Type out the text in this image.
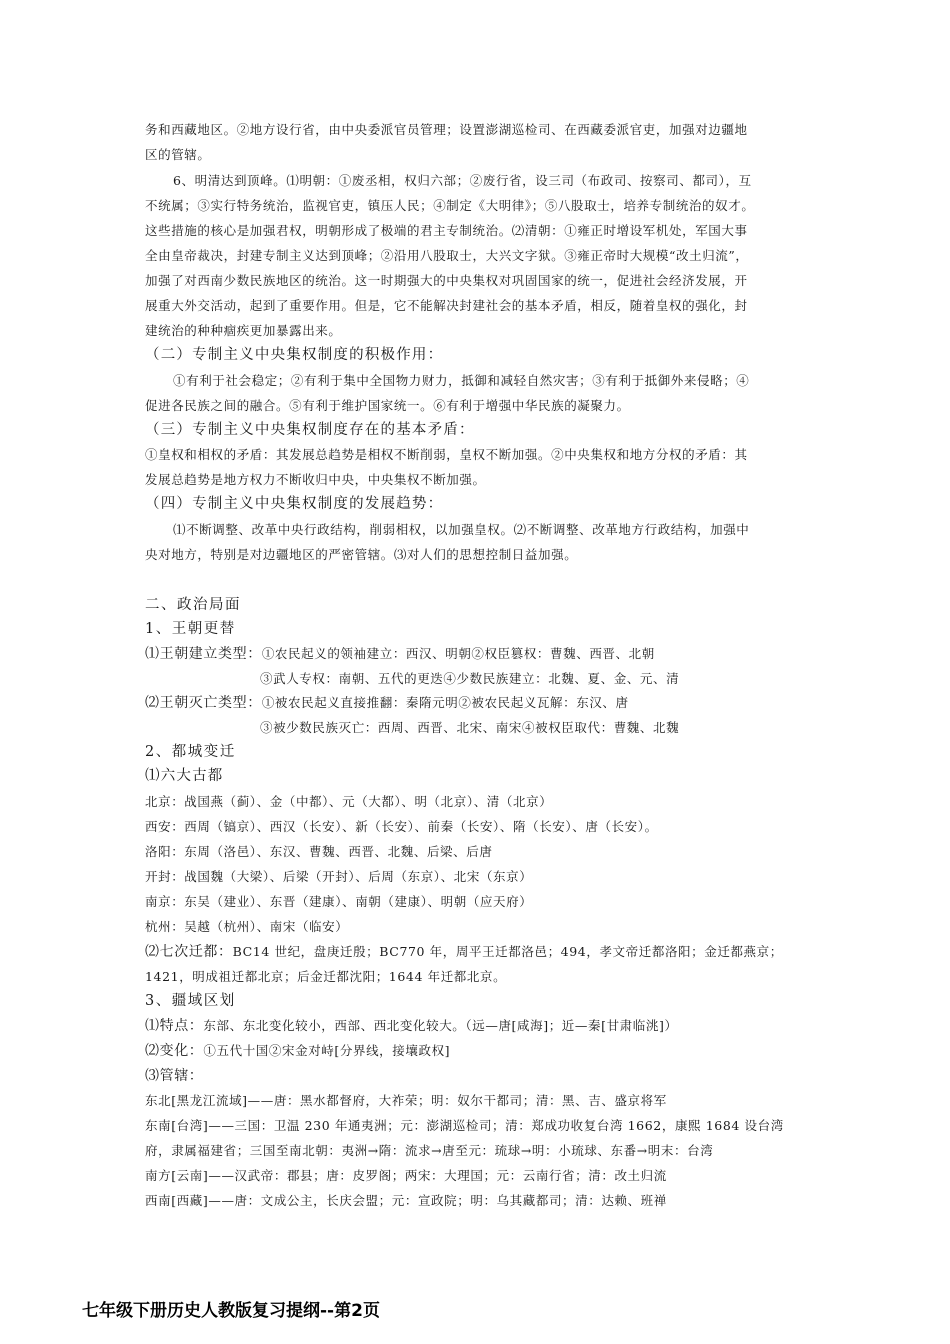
务和西藏地区。②地方设行省，由中央委派官员管理；设置澎湖巡检司、在西藏委派官吏，加强对边疆地
区的管辖。
6、明清达到顶峰。⑴明朝：①废丞相，权归六部；②废行省，设三司（布政司、按察司、都司），互
不统属；③实行特务统治，监视官吏，镇压人民；④制定《大明律》；⑤八股取士，培养专制统治的奴才。
这些措施的核心是加强君权，明朝形成了极端的君主专制统治。⑵清朝：①雍正时增设军机处，军国大事
全由皇帝裁决，封建专制主义达到顶峰；②沿用八股取士，大兴文字狱。③雍正帝时大规模“改土归流”，
加强了对西南少数民族地区的统治。这一时期强大的中央集权对巩固国家的统一，促进社会经济发展，开
展重大外交活动，起到了重要作用。但是，它不能解决封建社会的基本矛盾，相反，随着皇权的强化，封
建统治的种种痼疾更加暴露出来。
（二）专制主义中央集权制度的积极作用：
①有利于社会稳定；②有利于集中全国物力财力，抵御和减轻自然灾害；③有利于抵御外来侵略；④
促进各民族之间的融合。⑤有利于维护国家统一。⑥有利于增强中华民族的凝聚力。
（三）专制主义中央集权制度存在的基本矛盾：
①皇权和相权的矛盾：其发展总趋势是相权不断削弱，皇权不断加强。②中央集权和地方分权的矛盾：其
发展总趋势是地方权力不断收归中央，中央集权不断加强。
（四）专制主义中央集权制度的发展趋势：
⑴不断调整、改革中央行政结构，削弱相权，以加强皇权。⑵不断调整、改革地方行政结构，加强中
央对地方，特别是对边疆地区的严密管辖。⑶对人们的思想控制日益加强。
二、政治局面
1、王朝更替
⑴王朝建立类型：①农民起义的领袖建立：西汉、明朝②权臣篡权：曹魏、西晋、北朝
③武人专权：南朝、五代的更迭④少数民族建立：北魏、夏、金、元、清
⑵王朝灭亡类型：①被农民起义直接推翻：秦隋元明②被农民起义瓦解：东汉、唐
③被少数民族灭亡：西周、西晋、北宋、南宋④被权臣取代：曹魏、北魏
2、都城变迁
⑴六大古都
北京：战国燕（蓟）、金（中都）、元（大都）、明（北京）、清（北京）
西安：西周（镐京）、西汉（长安）、新（长安）、前秦（长安）、隋（长安）、唐（长安）。
洛阳：东周（洛邑）、东汉、曹魏、西晋、北魏、后梁、后唐
开封：战国魏（大梁）、后梁（开封）、后周（东京）、北宋（东京）
南京：东吴（建业）、东晋（建康）、南朝（建康）、明朝（应天府）
杭州：吴越（杭州）、南宋（临安）
⑵七次迁都：BC14 世纪，盘庚迁殷；BC770 年，周平王迁都洛邑；494，孝文帝迁都洛阳；金迁都燕京；
1421，明成祖迁都北京；后金迁都沈阳；1644 年迁都北京。
3、疆域区划
⑴特点：东部、东北变化较小，西部、西北变化较大。（远—唐[咸海]；近—秦[甘肃临洮]）
⑵变化：①五代十国②宋金对峙[分界线，接壤政权]
⑶管辖：
东北[黑龙江流域]——唐：黑水都督府，大祚荣；明：奴尔干都司；清：黑、吉、盛京将军
东南[台湾]——三国：卫温 230 年通夷洲；元：澎湖巡检司；清：郑成功收复台湾 1662，康熙 1684 设台湾
府，隶属福建省；三国至南北朝：夷洲→隋：流求→唐至元：琉球→明：小琉球、东番→明末：台湾
南方[云南]——汉武帝：郡县；唐：皮罗阁；两宋：大理国；元：云南行省；清：改土归流
西南[西藏]——唐：文成公主，长庆会盟；元：宣政院；明：乌其藏都司；清：达赖、班禅
七年级下册历史人教版复习提纲--第2页
